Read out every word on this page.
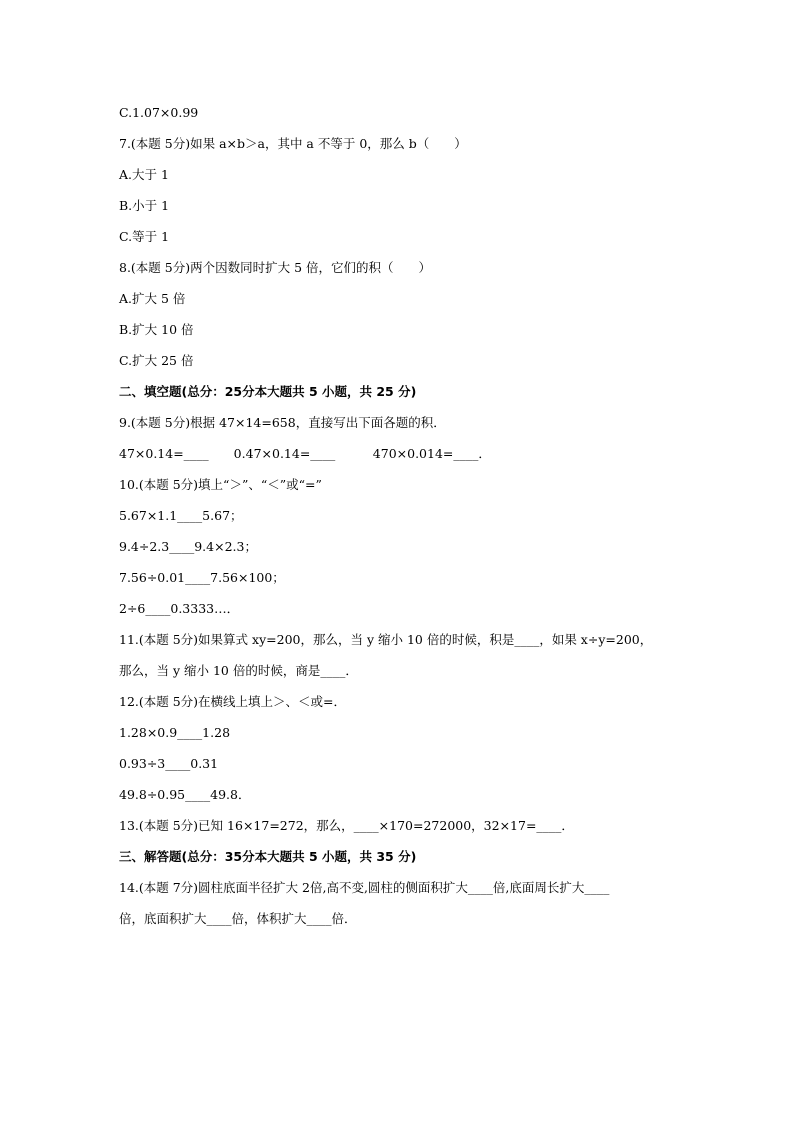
C.1.07×0.99
7.(本题 5分)如果 a×b＞a，其中 a 不等于 0，那么 b（　　）
A.大于 1
B.小于 1
C.等于 1
8.(本题 5分)两个因数同时扩大 5 倍，它们的积（　　）
A.扩大 5 倍
B.扩大 10 倍
C.扩大 25 倍
二、填空题(总分：25分本大题共 5 小题，共 25 分)
9.(本题 5分)根据 47×14=658，直接写出下面各题的积．
47×0.14=____　　0.47×0.14=____　　　470×0.014=____．
10.(本题 5分)填上“＞”、“＜”或“=”
5.67×1.1____5.67；
9.4÷2.3____9.4×2.3；
7.56÷0.01____7.56×100；
2÷6____0.3333…．
11.(本题 5分)如果算式 xy=200，那么，当 y 缩小 10 倍的时候，积是____，如果 x÷y=200，
那么，当 y 缩小 10 倍的时候，商是____．
12.(本题 5分)在横线上填上＞、＜或=．
1.28×0.9____1.28
0.93÷3____0.31
49.8÷0.95____49.8．
13.(本题 5分)已知 16×17=272，那么，____×170=272000，32×17=____．
三、解答题(总分：35分本大题共 5 小题，共 35 分)
14.(本题 7分)圆柱底面半径扩大 2倍,高不变,圆柱的侧面积扩大____倍,底面周长扩大____
倍，底面积扩大____倍，体积扩大____倍．
